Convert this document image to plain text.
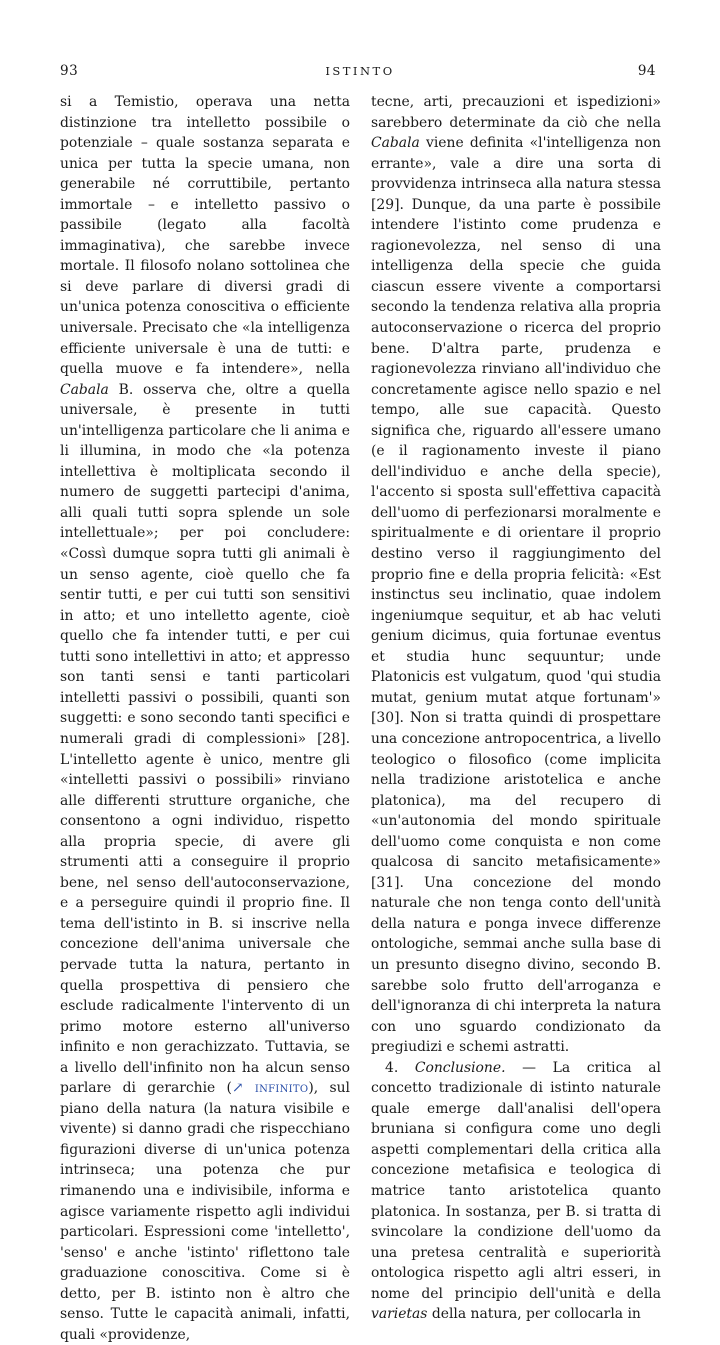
93	ISTINTO	94

si a Temistio, operava una netta distinzione tra intelletto possibile o potenziale – quale sostanza separata e unica per tutta la specie umana, non generabile né corruttibile, pertanto immortale – e intelletto passivo o passibile (legato alla facoltà immaginativa), che sarebbe invece mortale. Il filosofo nolano sottolinea che si deve parlare di diversi gradi di un'unica potenza conoscitiva o efficiente universale. Precisato che «la intelligenza efficiente universale è una de tutti: e quella muove e fa intendere», nella Cabala B. osserva che, oltre a quella universale, è presente in tutti un'intelligenza particolare che li anima e li illumina, in modo che «la potenza intellettiva è moltiplicata secondo il numero de suggetti partecipi d'anima, alli quali tutti sopra splende un sole intellettuale»; per poi concludere: «Cossì dumque sopra tutti gli animali è un senso agente, cioè quello che fa sentir tutti, e per cui tutti son sensitivi in atto; et uno intelletto agente, cioè quello che fa intender tutti, e per cui tutti sono intellettivi in atto; et appresso son tanti sensi e tanti particolari intelletti passivi o possibili, quanti son suggetti: e sono secondo tanti specifici e numerali gradi di complessioni» [28]. L'intelletto agente è unico, mentre gli «intelletti passivi o possibili» rinviano alle differenti strutture organiche, che consentono a ogni individuo, rispetto alla propria specie, di avere gli strumenti atti a conseguire il proprio bene, nel senso dell'autoconservazione, e a perseguire quindi il proprio fine. Il tema dell'istinto in B. si inscrive nella concezione dell'anima universale che pervade tutta la natura, pertanto in quella prospettiva di pensiero che esclude radicalmente l'intervento di un primo motore esterno all'universo infinito e non gerachizzato. Tuttavia, se a livello dell'infinito non ha alcun senso parlare di gerarchie (↗ infinito), sul piano della natura (la natura visibile e vivente) si danno gradi che rispecchiano figurazioni diverse di un'unica potenza intrinseca; una potenza che pur rimanendo una e indivisibile, informa e agisce variamente rispetto agli individui particolari. Espressioni come 'intelletto', 'senso' e anche 'istinto' riflettono tale graduazione conoscitiva. Come si è detto, per B. istinto non è altro che senso. Tutte le capacità animali, infatti, quali «providenze,

tecne, arti, precauzioni et ispedizioni» sarebbero determinate da ciò che nella Cabala viene definita «l'intelligenza non errante», vale a dire una sorta di provvidenza intrinseca alla natura stessa [29]. Dunque, da una parte è possibile intendere l'istinto come prudenza e ragionevolezza, nel senso di una intelligenza della specie che guida ciascun essere vivente a comportarsi secondo la tendenza relativa alla propria autoconservazione o ricerca del proprio bene. D'altra parte, prudenza e ragionevolezza rinviano all'individuo che concretamente agisce nello spazio e nel tempo, alle sue capacità. Questo significa che, riguardo all'essere umano (e il ragionamento investe il piano dell'individuo e anche della specie), l'accento si sposta sull'effettiva capacità dell'uomo di perfezionarsi moralmente e spiritualmente e di orientare il proprio destino verso il raggiungimento del proprio fine e della propria felicità: «Est instinctus seu inclinatio, quae indolem ingeniumque sequitur, et ab hac veluti genium dicimus, quia fortunae eventus et studia hunc sequuntur; unde Platonicis est vulgatum, quod 'qui studia mutat, genium mutat atque fortunam'» [30]. Non si tratta quindi di prospettare una concezione antropocentrica, a livello teologico o filosofico (come implicita nella tradizione aristotelica e anche platonica), ma del recupero di «un'autonomia del mondo spirituale dell'uomo come conquista e non come qualcosa di sancito metafisicamente» [31]. Una concezione del mondo naturale che non tenga conto dell'unità della natura e ponga invece differenze ontologiche, semmai anche sulla base di un presunto disegno divino, secondo B. sarebbe solo frutto dell'arroganza e dell'ignoranza di chi interpreta la natura con uno sguardo condizionato da pregiudizi e schemi astratti.

4. Conclusione. — La critica al concetto tradizionale di istinto naturale quale emerge dall'analisi dell'opera bruniana si configura come uno degli aspetti complementari della critica alla concezione metafisica e teologica di matrice tanto aristotelica quanto platonica. In sostanza, per B. si tratta di svincolare la condizione dell'uomo da una pretesa centralità e superiorità ontologica rispetto agli altri esseri, in nome del principio dell'unità e della varietas della natura, per collocarla in
